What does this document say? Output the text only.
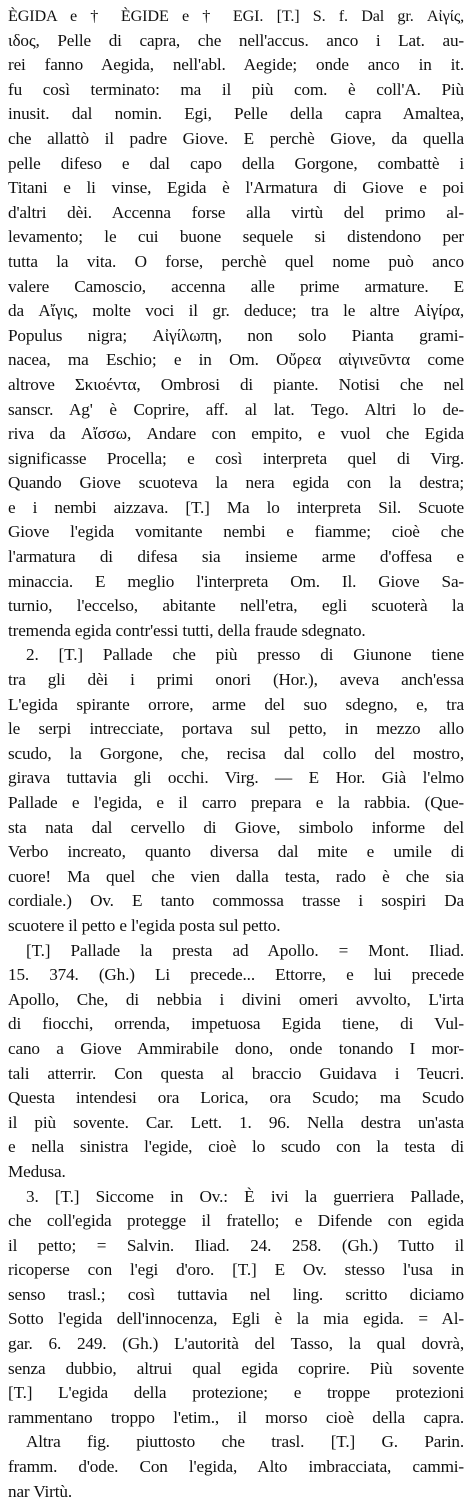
ÈGIDA e † ÈGIDE e † EGI. [T.] S. f. Dal gr. Αἰγίς,
ιδος, Pelle di capra, che nell'accus. anco i Lat. au-
rei fanno Aegida, nell'abl. Aegide; onde anco in it.
fu così terminato: ma il più com. è coll'A. Più
inusit. dal nomin. Egi, Pelle della capra Amaltea,
che allattò il padre Giove. E perchè Giove, da quella
pelle difeso e dal capo della Gorgone, combattè i
Titani e li vinse, Egida è l'Armatura di Giove e poi
d'altri dèi. Accenna forse alla virtù del primo al-
levamento; le cui buone sequele si distendono per
tutta la vita. O forse, perchè quel nome può anco
valere Camoscio, accenna alle prime armature. E
da Αἴγις, molte voci il gr. deduce; tra le altre Αἰγίρα,
Populus nigra; Αἰγίλωπη, non solo Pianta grami-
nacea, ma Eschio; e in Om. Οὔρεα αἰγινεῦντα come
altrove Σκιοέντα, Ombrosi di piante. Notisi che nel
sanscr. Ag' è Coprire, aff. al lat. Tego. Altri lo de-
riva da Αἴσσω, Andare con empito, e vuol che Egida
significasse Procella; e così interpreta quel di Virg.
Quando Giove scuoteva la nera egida con la destra;
e i nembi aizzava. [T.] Ma lo interpreta Sil. Scuote
Giove l'egida vomitante nembi e fiamme; cioè che
l'armatura di difesa sia insieme arme d'offesa e
minaccia. E meglio l'interpreta Om. Il. Giove Sa-
turnio, l'eccelso, abitante nell'etra, egli scuoterà la
tremenda egida contr'essi tutti, della fraude sdegnato.
2. [T.] Pallade che più presso di Giunone tiene
tra gli dèi i primi onori (Hor.), aveva anch'essa
L'egida spirante orrore, arme del suo sdegno, e, tra
le serpi intrecciate, portava sul petto, in mezzo allo
scudo, la Gorgone, che, recisa dal collo del mostro,
girava tuttavia gli occhi. Virg. — E Hor. Già l'elmo
Pallade e l'egida, e il carro prepara e la rabbia. (Que-
sta nata dal cervello di Giove, simbolo informe del
Verbo increato, quanto diversa dal mite e umile di
cuore! Ma quel che vien dalla testa, rado è che sia
cordiale.) Ov. E tanto commossa trasse i sospiri Da
scuotere il petto e l'egida posta sul petto.
[T.] Pallade la presta ad Apollo. = Mont. Iliad.
15. 374. (Gh.) Li precede... Ettorre, e lui precede
Apollo, Che, di nebbia i divini omeri avvolto, L'irta
di fiocchi, orrenda, impetuosa Egida tiene, di Vul-
cano a Giove Ammirabile dono, onde tonando I mor-
tali atterrir. Con questa al braccio Guidava i Teucri.
Questa intendesi ora Lorica, ora Scudo; ma Scudo
il più sovente. Car. Lett. 1. 96. Nella destra un'asta
e nella sinistra l'egide, cioè lo scudo con la testa di
Medusa.
3. [T.] Siccome in Ov.: È ivi la guerriera Pallade,
che coll'egida protegge il fratello; e Difende con egida
il petto; = Salvin. Iliad. 24. 258. (Gh.) Tutto il
ricoperse con l'egi d'oro. [T.] E Ov. stesso l'usa in
senso trasl.; così tuttavia nel ling. scritto diciamo
Sotto l'egida dell'innocenza, Egli è la mia egida. = Al-
gar. 6. 249. (Gh.) L'autorità del Tasso, la qual dovrà,
senza dubbio, altrui qual egida coprire. Più sovente
[T.] L'egida della protezione; e troppe protezioni
rammentano troppo l'etim., il morso cioè della capra.
Altra fig. piuttosto che trasl. [T.] G. Parin.
framm. d'ode. Con l'egida, Alto imbracciata, cammi-
nar Virtù.
